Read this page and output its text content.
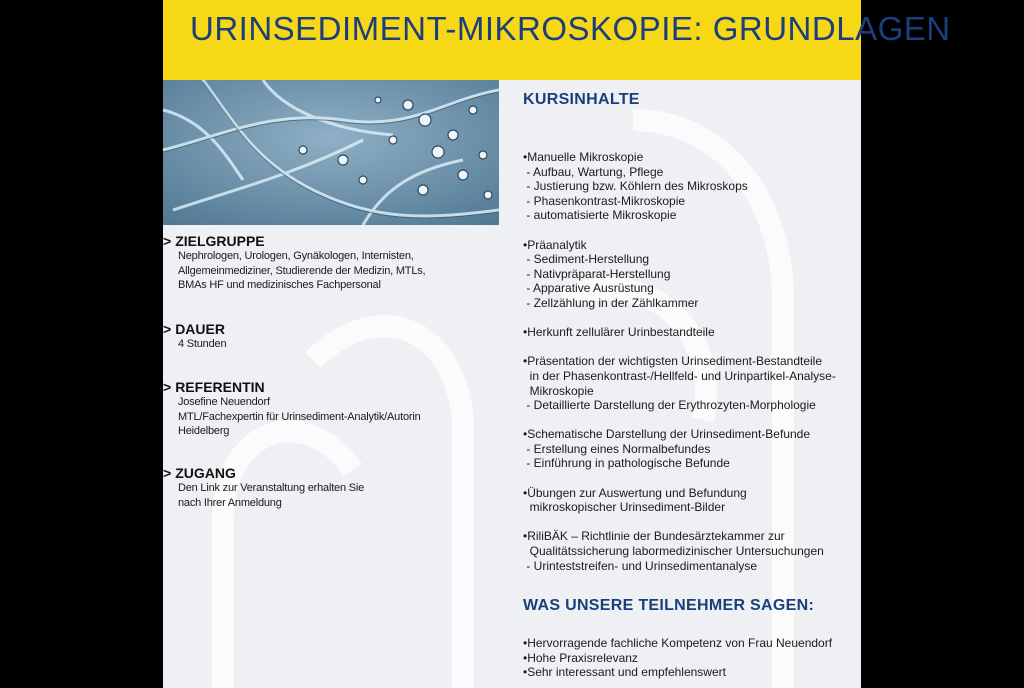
URINSEDIMENT-MIKROSKOPIE: GRUNDLAGEN
> ZIELGRUPPE
Nephrologen, Urologen, Gynäkologen, Internisten,
Allgemeinmediziner, Studierende der Medizin, MTLs,
BMAs HF und medizinisches Fachpersonal
> DAUER
4 Stunden
> REFERENTIN
Josefine Neuendorf
MTL/Fachexpertin für Urinsediment-Analytik/Autorin
Heidelberg
> ZUGANG
Den Link zur Veranstaltung erhalten Sie
nach Ihrer Anmeldung
KURSINHALTE
•Manuelle Mikroskopie
- Aufbau, Wartung, Pflege
- Justierung bzw. Köhlern des Mikroskops
- Phasenkontrast-Mikroskopie
- automatisierte Mikroskopie
•Präanalytik
- Sediment-Herstellung
- Nativpräparat-Herstellung
- Apparative Ausrüstung
- Zellzählung in der Zählkammer
•Herkunft zellulärer Urinbestandteile
•Präsentation der wichtigsten Urinsediment-Bestandteile
in der Phasenkontrast-/Hellfeld- und Urinpartikel-Analyse-
Mikroskopie
- Detaillierte Darstellung der Erythrozyten-Morphologie
•Schematische Darstellung der Urinsediment-Befunde
- Erstellung eines Normalbefundes
- Einführung in pathologische Befunde
•Übungen zur Auswertung und Befundung
mikroskopischer Urinsediment-Bilder
•RiliBÄK – Richtlinie der Bundesärztekammer zur
Qualitätssicherung labormedizinischer Untersuchungen
- Urinteststreifen- und Urinsedimentanalyse
WAS UNSERE TEILNEHMER SAGEN:
•Hervorragende fachliche Kompetenz von Frau Neuendorf
•Hohe Praxisrelevanz
•Sehr interessant und empfehlenswert
